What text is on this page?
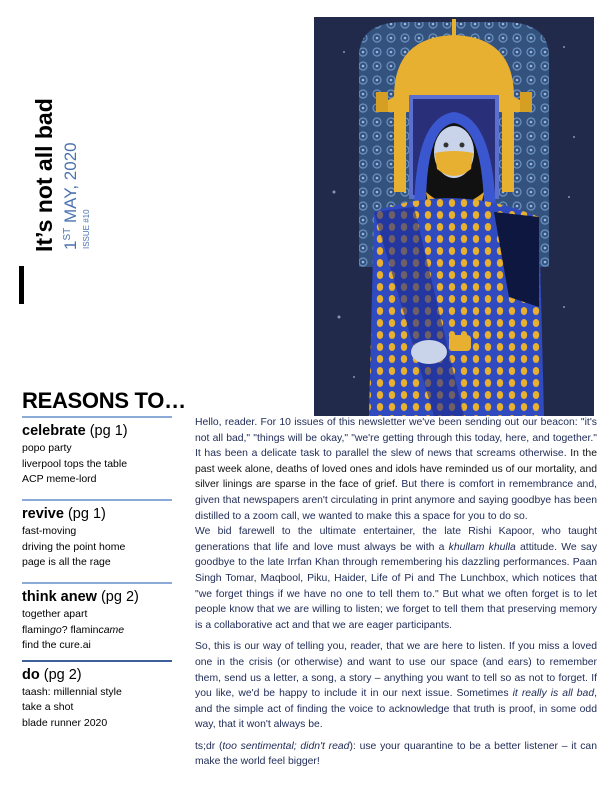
It’s not all bad 1ST MAY, 2020
ISSUE #10
REASONS TO…
celebrate (pg 1)
popo party
liverpool tops the table
ACP meme-lord
revive (pg 1)
fast-moving
driving the point home
page is all the rage
think anew (pg 2)
together apart
flamingo? flamincame
find the cure.ai
do (pg 2)
taash: millennial style
take a shot
blade runner 2020

Hello, reader. For 10 issues of this newsletter we've been sending out our beacon: "it's not all bad," "things will be okay," "we're getting through this today, here, and together." It has been a delicate task to parallel the slew of news that screams otherwise. In the past week alone, deaths of loved ones and idols have reminded us of our mortality, and silver linings are sparse in the face of grief. But there is comfort in remembrance and, given that newspapers aren't circulating in print anymore and saying goodbye has been distilled to a zoom call, we wanted to make this a space for you to do so.

We bid farewell to the ultimate entertainer, the late Rishi Kapoor, who taught generations that life and love must always be with a khullam khulla attitude. We say goodbye to the late Irrfan Khan through remembering his dazzling performances. Paan Singh Tomar, Maqbool, Piku, Haider, Life of Pi and The Lunchbox, which notices that "we forget things if we have no one to tell them to." But what we often forget is to let people know that we are willing to listen; we forget to tell them that preserving memory is a collaborative act and that we are eager participants.

So, this is our way of telling you, reader, that we are here to listen. If you miss a loved one in the crisis (or otherwise) and want to use our space (and ears) to remember them, send us a letter, a song, a story – anything you want to tell so as not to forget. If you like, we'd be happy to include it in our next issue. Sometimes it really is all bad, and the simple act of finding the voice to acknowledge that truth is proof, in some odd way, that it won't always be.

ts;dr (too sentimental; didn't read): use your quarantine to be a better listener – it can make the world feel bigger!
